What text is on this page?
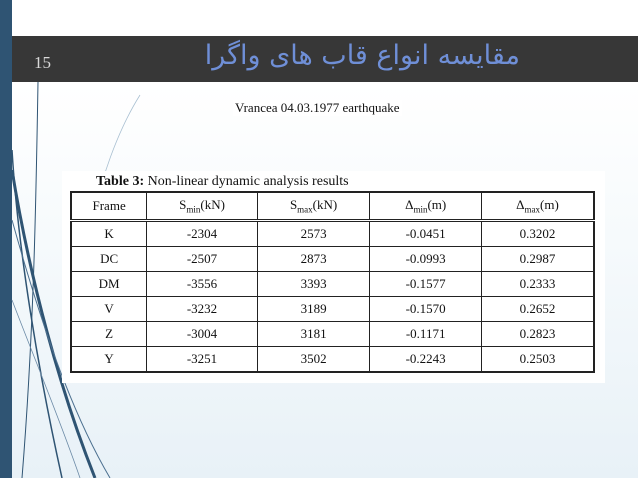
15	مقایسه انواع قاب های واگرا
Vrancea 04.03.1977 earthquake
Table 3: Non-linear dynamic analysis results
Frame	$S_{min}(kN)$	$S_{max}(kN)$	$\Delta_{min}(m)$	$\Delta_{max}(m)$
K	-2304	2573	-0.0451	0.3202
DC	-2507	2873	-0.0993	0.2987
DM	-3556	3393	-0.1577	0.2333
V	-3232	3189	-0.1570	0.2652
Z	-3004	3181	-0.1171	0.2823
Y	-3251	3502	-0.2243	0.2503
